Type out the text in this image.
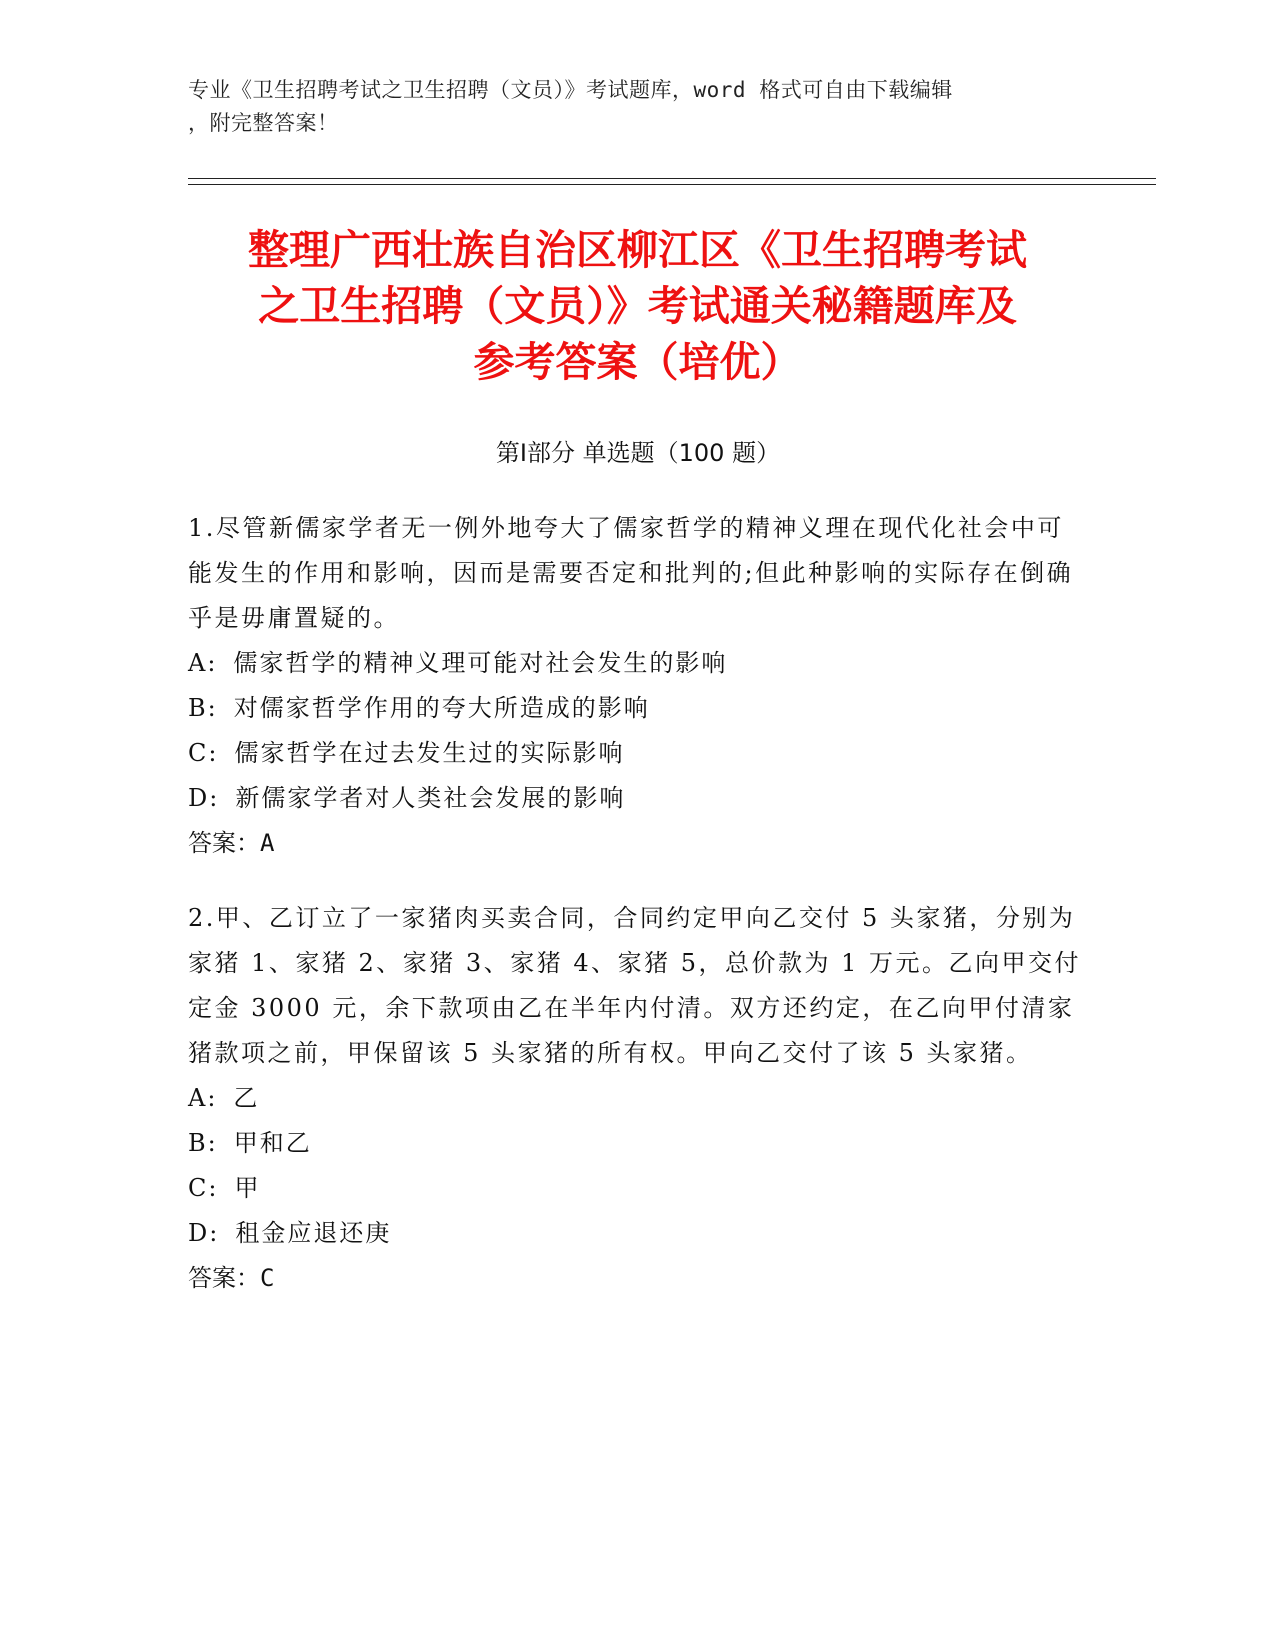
专业《卫生招聘考试之卫生招聘（文员）》考试题库，word 格式可自由下载编辑
，附完整答案！
整理广西壮族自治区柳江区《卫生招聘考试
之卫生招聘（文员）》考试通关秘籍题库及
参考答案（培优）
第Ⅰ部分 单选题（100 题）

1.尽管新儒家学者无一例外地夸大了儒家哲学的精神义理在现代化社会中可能发生的作用和影响，因而是需要否定和批判的;但此种影响的实际存在倒确乎是毋庸置疑的。

A: 儒家哲学的精神义理可能对社会发生的影响
B: 对儒家哲学作用的夸大所造成的影响
C: 儒家哲学在过去发生过的实际影响
D: 新儒家学者对人类社会发展的影响
答案：A

2.甲、乙订立了一家猪肉买卖合同，合同约定甲向乙交付 5 头家猪，分别为家猪 1、家猪 2、家猪 3、家猪 4、家猪 5，总价款为 1 万元。乙向甲交付定金 3000 元，余下款项由乙在半年内付清。双方还约定，在乙向甲付清家猪款项之前，甲保留该 5 头家猪的所有权。甲向乙交付了该 5 头家猪。

A: 乙
B: 甲和乙
C: 甲
D: 租金应退还庚
答案：C
